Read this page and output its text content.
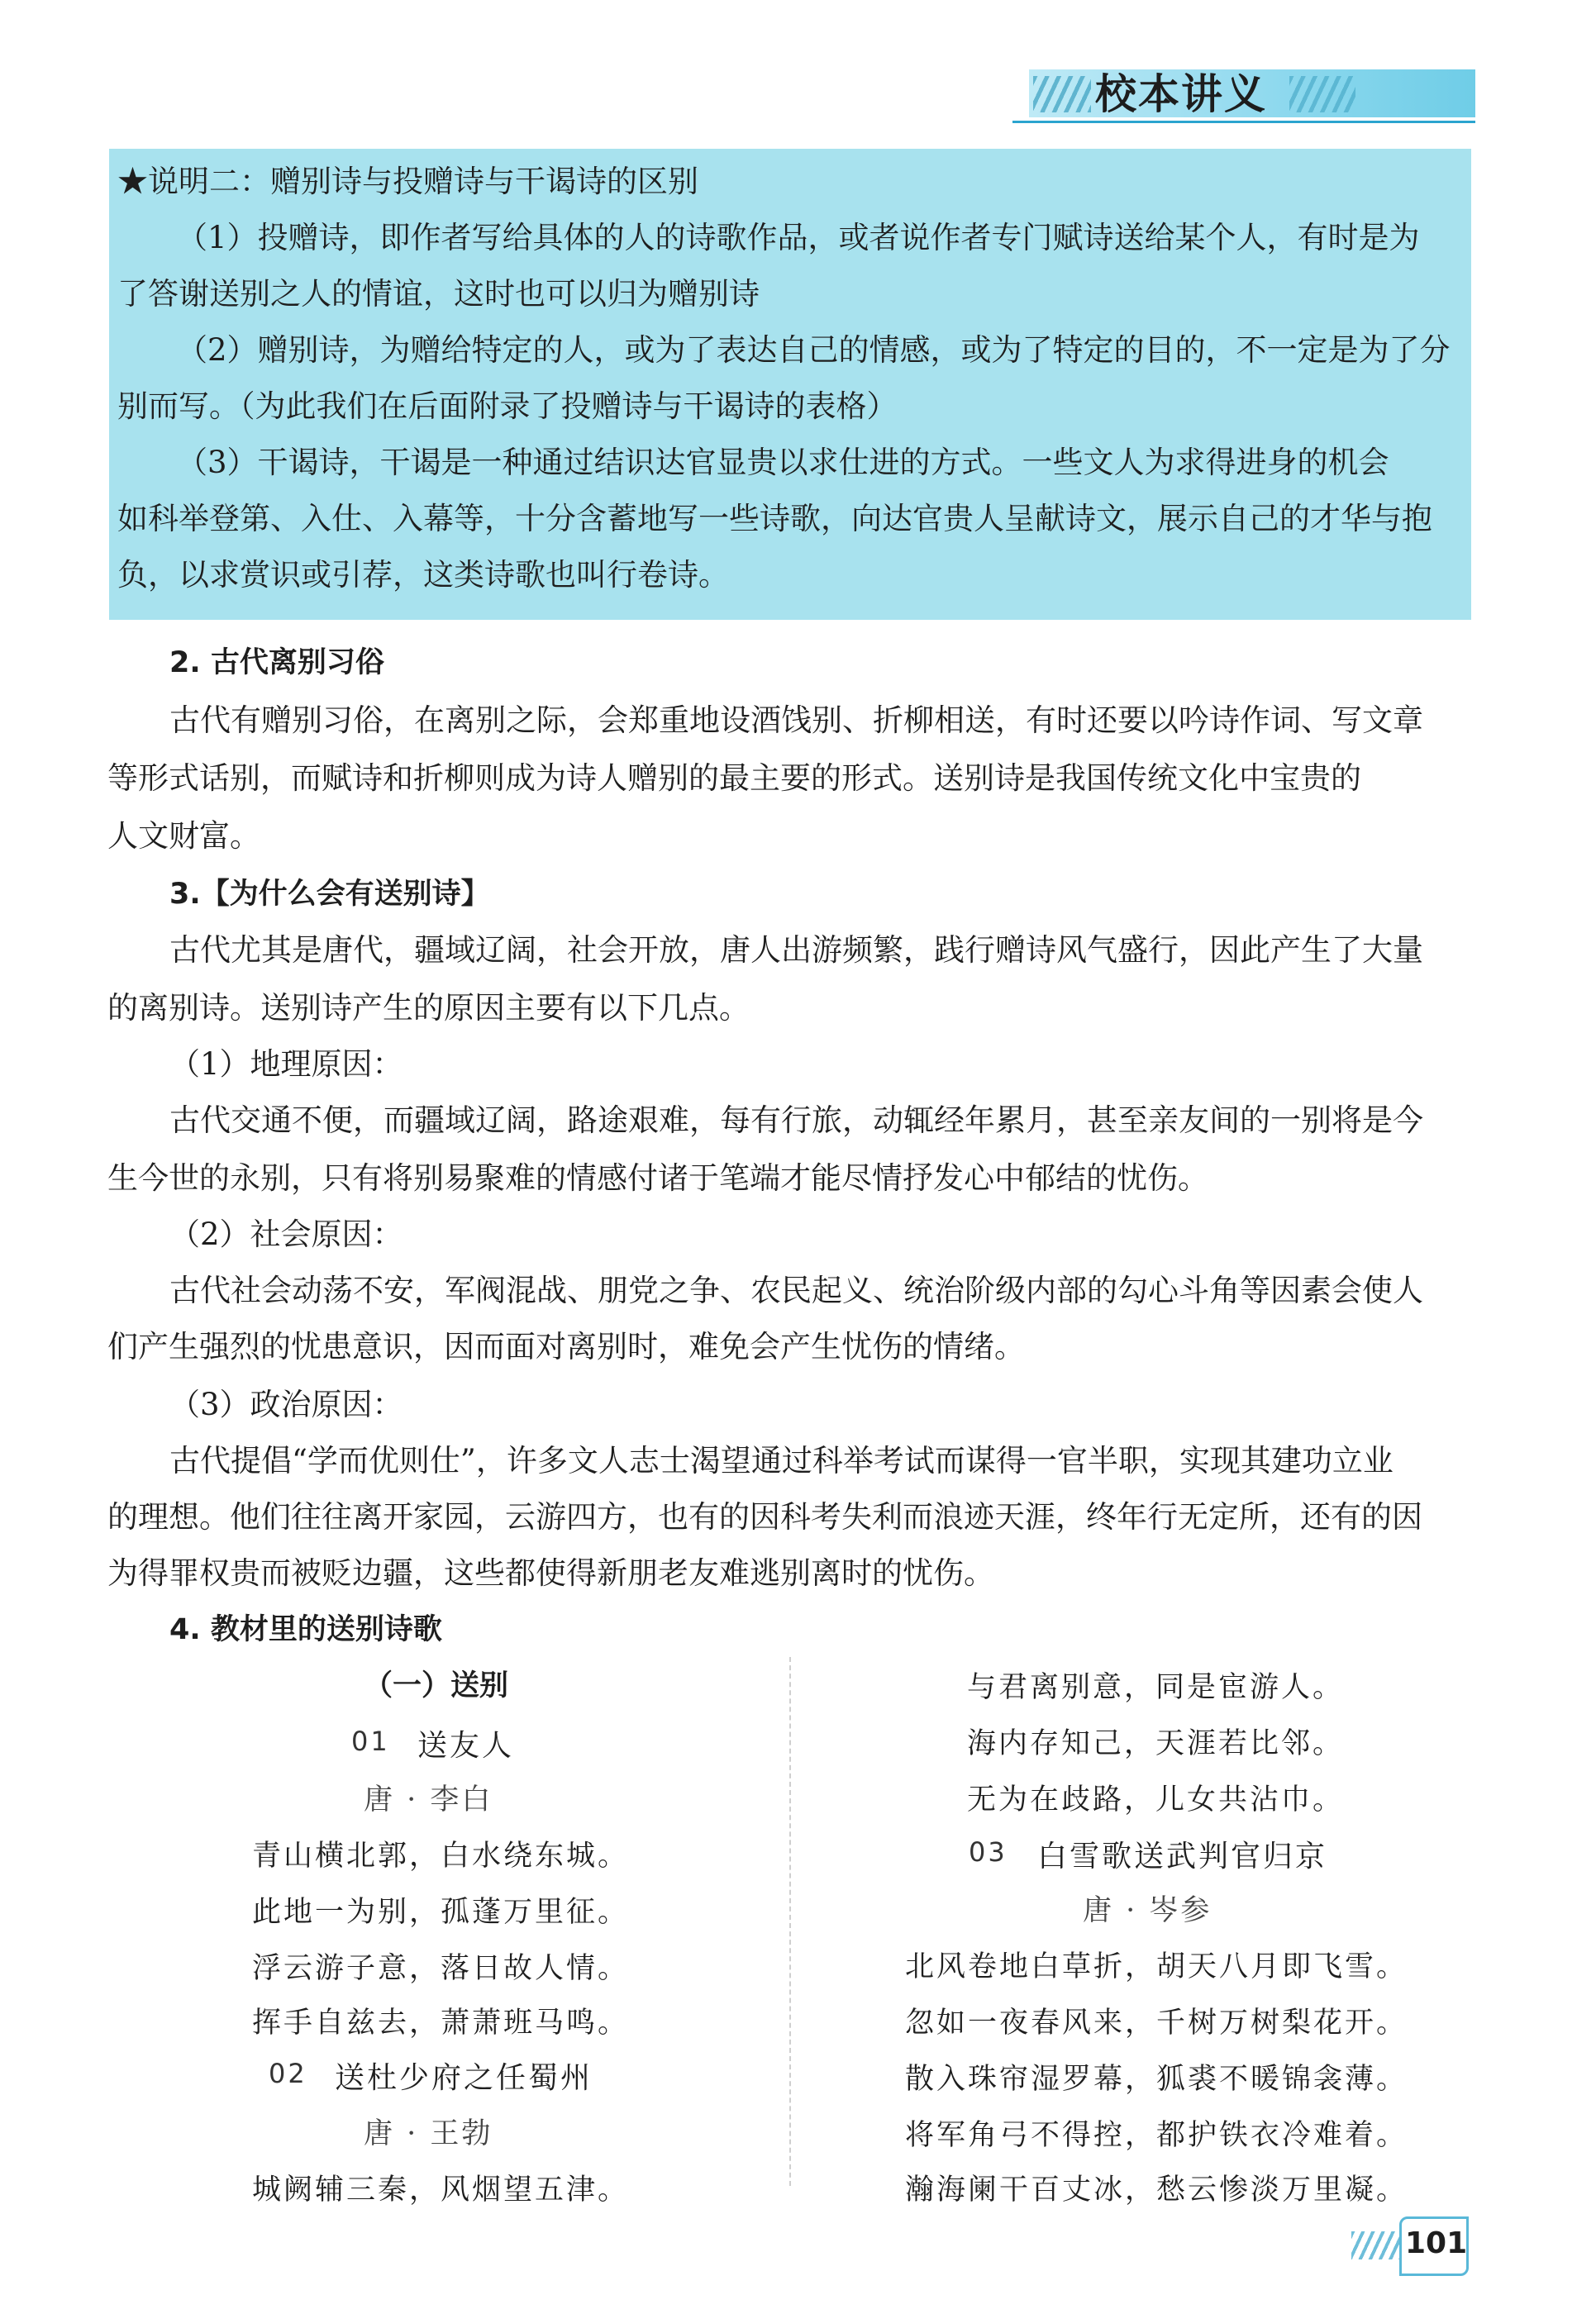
校本讲义

★说明二：赠别诗与投赠诗与干谒诗的区别

（1）投赠诗，即作者写给具体的人的诗歌作品，或者说作者专门赋诗送给某个人，有时是为

了答谢送别之人的情谊，这时也可以归为赠别诗

（2）赠别诗，为赠给特定的人，或为了表达自己的情感，或为了特定的目的，不一定是为了分

别而写。（为此我们在后面附录了投赠诗与干谒诗的表格）

（3）干谒诗，干谒是一种通过结识达官显贵以求仕进的方式。一些文人为求得进身的机会

如科举登第、入仕、入幕等，十分含蓄地写一些诗歌，向达官贵人呈献诗文，展示自己的才华与抱

负，以求赏识或引荐，这类诗歌也叫行卷诗。

2. 古代离别习俗

古代有赠别习俗，在离别之际，会郑重地设酒饯别、折柳相送，有时还要以吟诗作词、写文章

等形式话别，而赋诗和折柳则成为诗人赠别的最主要的形式。送别诗是我国传统文化中宝贵的

人文财富。

3.【为什么会有送别诗】

古代尤其是唐代，疆域辽阔，社会开放，唐人出游频繁，践行赠诗风气盛行，因此产生了大量

的离别诗。送别诗产生的原因主要有以下几点。

（1）地理原因：

古代交通不便，而疆域辽阔，路途艰难，每有行旅，动辄经年累月，甚至亲友间的一别将是今

生今世的永别，只有将别易聚难的情感付诸于笔端才能尽情抒发心中郁结的忧伤。

（2）社会原因：

古代社会动荡不安，军阀混战、朋党之争、农民起义、统治阶级内部的勾心斗角等因素会使人

们产生强烈的忧患意识，因而面对离别时，难免会产生忧伤的情绪。

（3）政治原因：

古代提倡“学而优则仕”，许多文人志士渴望通过科举考试而谋得一官半职，实现其建功立业

的理想。他们往往离开家园，云游四方，也有的因科考失利而浪迹天涯，终年行无定所，还有的因

为得罪权贵而被贬边疆，这些都使得新朋老友难逃别离时的忧伤。

4. 教材里的送别诗歌

（一）送别

01 送友人

唐 · 李白

青山横北郭，白水绕东城。

此地一为别，孤蓬万里征。

浮云游子意，落日故人情。

挥手自兹去，萧萧班马鸣。

02 送杜少府之任蜀州

唐 · 王勃

城阙辅三秦，风烟望五津。

与君离别意，同是宦游人。

海内存知己，天涯若比邻。

无为在歧路，儿女共沾巾。

03 白雪歌送武判官归京

唐 · 岑参

北风卷地白草折，胡天八月即飞雪。

忽如一夜春风来，千树万树梨花开。

散入珠帘湿罗幕，狐裘不暖锦衾薄。

将军角弓不得控，都护铁衣冷难着。

瀚海阑干百丈冰，愁云惨淡万里凝。

101
